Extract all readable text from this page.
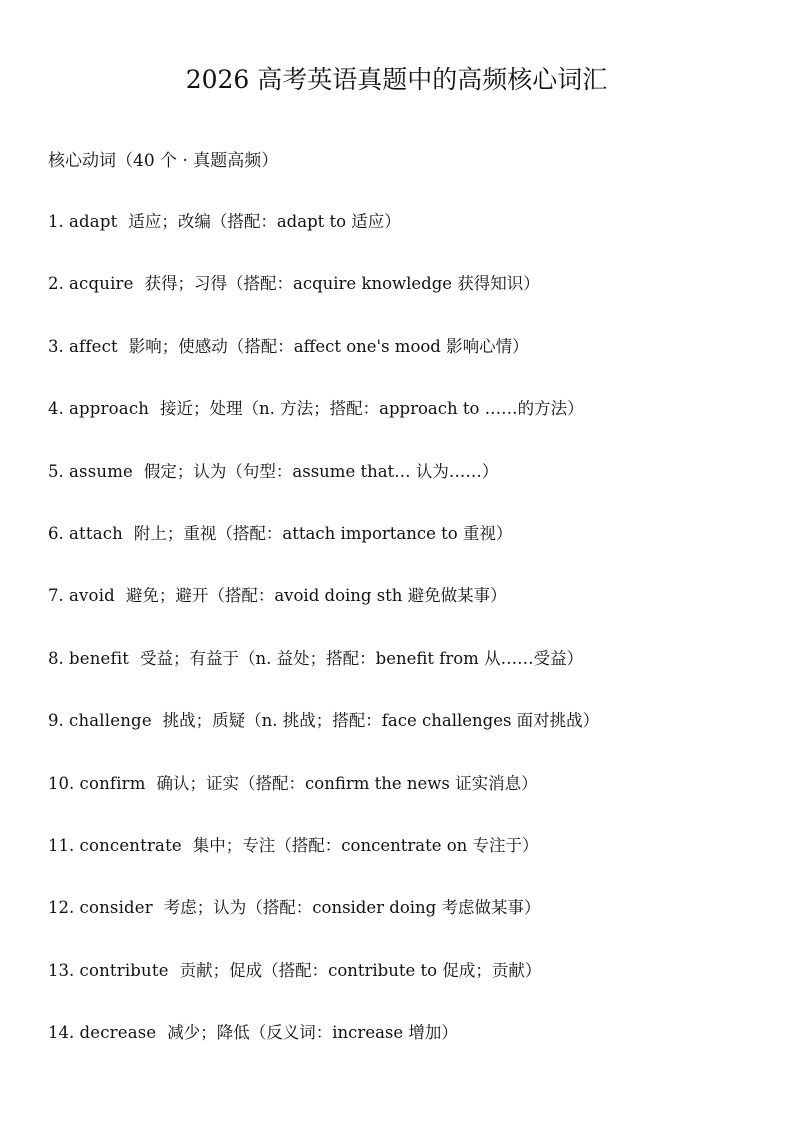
2026 高考英语真题中的高频核心词汇
核心动词（40 个 · 真题高频）
1. adapt 适应；改编（搭配：adapt to 适应）
2. acquire 获得；习得（搭配：acquire knowledge 获得知识）
3. affect 影响；使感动（搭配：affect one's mood 影响心情）
4. approach 接近；处理（n. 方法；搭配：approach to ……的方法）
5. assume 假定；认为（句型：assume that… 认为……）
6. attach 附上；重视（搭配：attach importance to 重视）
7. avoid 避免；避开（搭配：avoid doing sth 避免做某事）
8. benefit 受益；有益于（n. 益处；搭配：benefit from 从……受益）
9. challenge 挑战；质疑（n. 挑战；搭配：face challenges 面对挑战）
10. confirm 确认；证实（搭配：confirm the news 证实消息）
11. concentrate 集中；专注（搭配：concentrate on 专注于）
12. consider 考虑；认为（搭配：consider doing 考虑做某事）
13. contribute 贡献；促成（搭配：contribute to 促成；贡献）
14. decrease 减少；降低（反义词：increase 增加）
